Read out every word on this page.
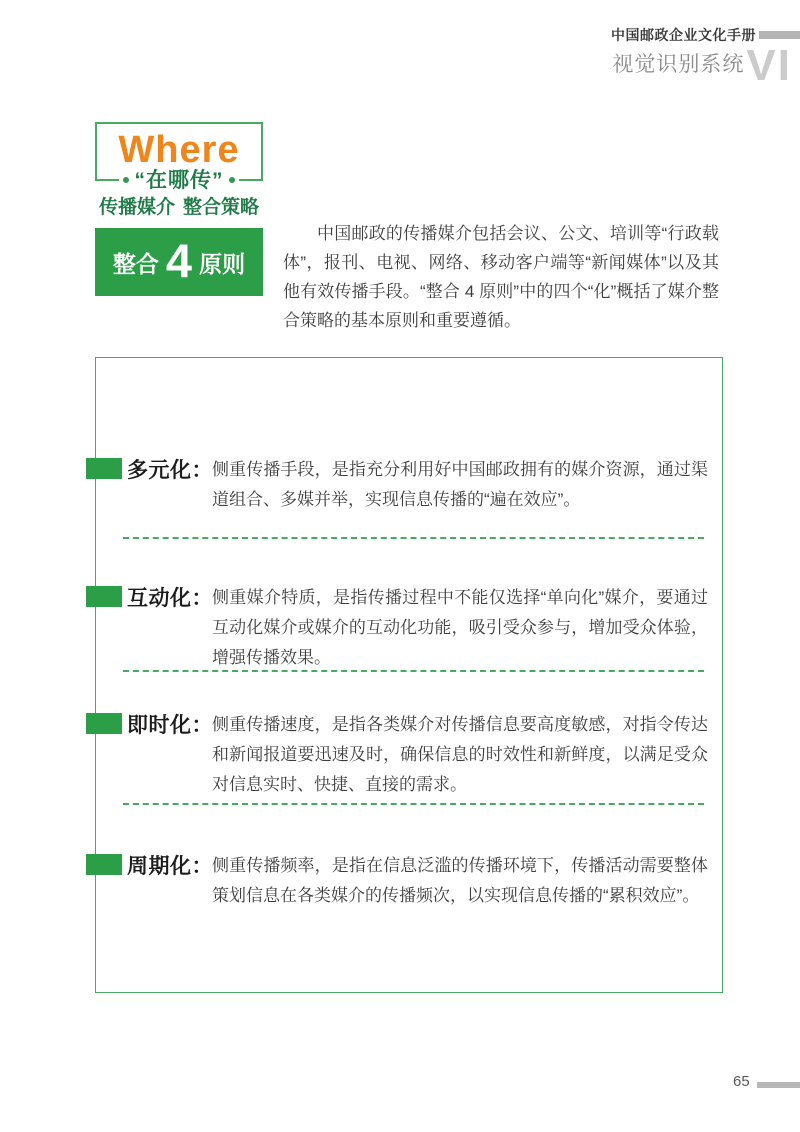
中国邮政企业文化手册
视觉识别系统 VI
Where
“在哪传”
传播媒介 整合策略
整合 4 原则

中国邮政的传播媒介包括会议、公文、培训等“行政载体”，报刊、电视、网络、移动客户端等“新闻媒体”以及其他有效传播手段。“整合 4 原则”中的四个“化”概括了媒介整合策略的基本原则和重要遵循。

多元化： 侧重传播手段，是指充分利用好中国邮政拥有的媒介资源，通过渠道组合、多媒并举，实现信息传播的“遍在效应”。
互动化： 侧重媒介特质，是指传播过程中不能仅选择“单向化”媒介，要通过互动化媒介或媒介的互动化功能，吸引受众参与，增加受众体验，增强传播效果。
即时化： 侧重传播速度，是指各类媒介对传播信息要高度敏感，对指令传达和新闻报道要迅速及时，确保信息的时效性和新鲜度，以满足受众对信息实时、快捷、直接的需求。
周期化： 侧重传播频率，是指在信息泛滥的传播环境下，传播活动需要整体策划信息在各类媒介的传播频次，以实现信息传播的“累积效应”。
65
